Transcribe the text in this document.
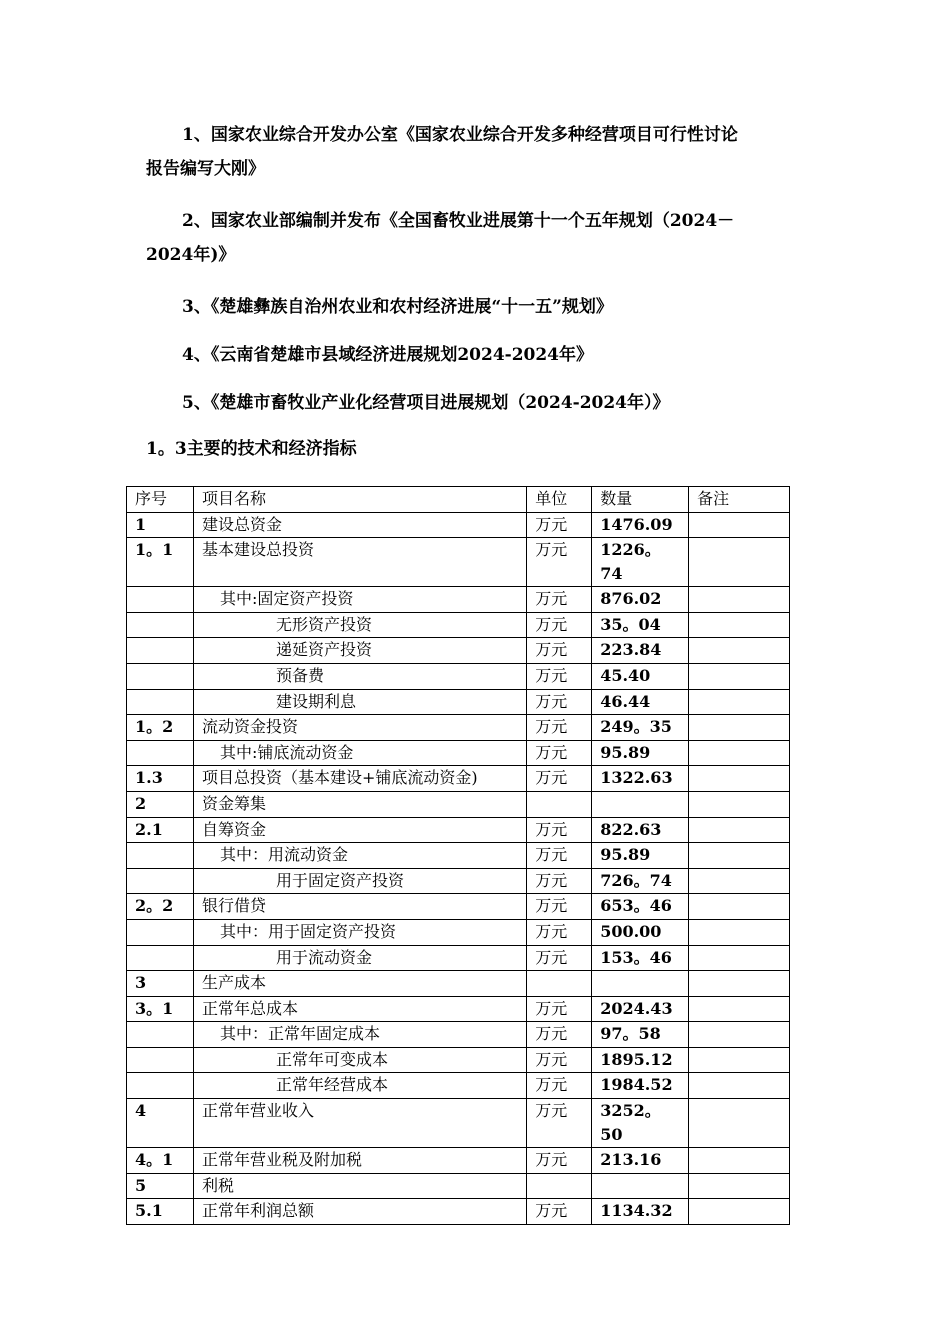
1、国家农业综合开发办公室《国家农业综合开发多种经营项目可行性讨论
报告编写大刚》

2、国家农业部编制并发布《全国畜牧业进展第十一个五年规划（2024－
2024年)》

3、《楚雄彝族自治州农业和农村经济进展“十一五”规划》

4、《云南省楚雄市县域经济进展规划2024-2024年》

5、《楚雄市畜牧业产业化经营项目进展规划（2024-2024年）》

1。3主要的技术和经济指标

序号	项目名称	单位	数量	备注
1	建设总资金	万元	1476.09	
1。1	基本建设总投资	万元	1226。74	
	其中:固定资产投资	万元	876.02	
	无形资产投资	万元	35。04	
	递延资产投资	万元	223.84	
	预备费	万元	45.40	
	建设期利息	万元	46.44	
1。2	流动资金投资	万元	249。35	
	其中:铺底流动资金	万元	95.89	
1.3	项目总投资（基本建设+铺底流动资金)	万元	1322.63	
2	资金筹集			
2.1	自筹资金	万元	822.63	
	其中：用流动资金	万元	95.89	
	用于固定资产投资	万元	726。74	
2。2	银行借贷	万元	653。46	
	其中：用于固定资产投资	万元	500.00	
	用于流动资金	万元	153。46	
3	生产成本			
3。1	正常年总成本	万元	2024.43	
	其中：正常年固定成本	万元	97。58	
	正常年可变成本	万元	1895.12	
	正常年经营成本	万元	1984.52	
4	正常年营业收入	万元	3252。50	
4。1	正常年营业税及附加税	万元	213.16	
5	利税			
5.1	正常年利润总额	万元	1134.32	
